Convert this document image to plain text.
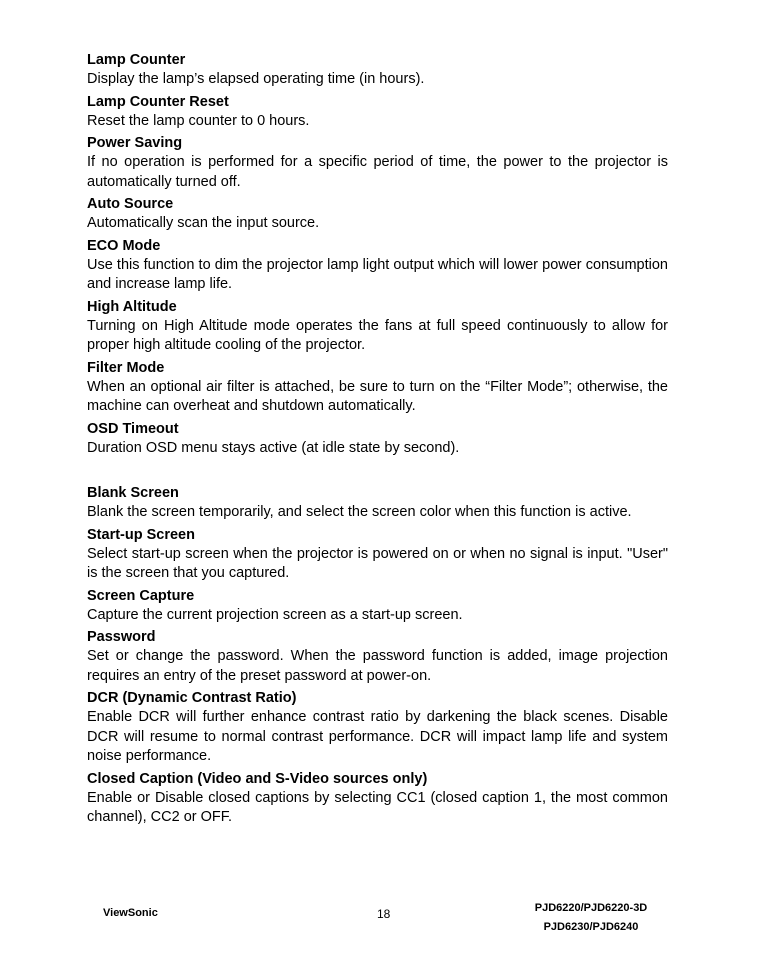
Lamp Counter
Display the lamp’s elapsed operating time (in hours).
Lamp Counter Reset
Reset the lamp counter to 0 hours.
Power Saving
If no operation is performed for a specific period of time, the power to the projector is automatically turned off.
Auto Source
Automatically scan the input source.
ECO Mode
Use this function to dim the projector lamp light output which will lower power consumption and increase lamp life.
High Altitude
Turning on High Altitude mode operates the fans at full speed continuously to allow for proper high altitude cooling of the projector.
Filter Mode
When an optional air filter is attached, be sure to turn on the “Filter Mode”; otherwise, the machine can overheat and shutdown automatically.
OSD Timeout
Duration OSD menu stays active (at idle state by second).
Blank Screen
Blank the screen temporarily, and select the screen color when this function is active.
Start-up Screen
Select start-up screen when the projector is powered on or when no signal is input. "User" is the screen that you captured.
Screen Capture
Capture the current projection screen as a start-up screen.
Password
Set or change the password. When the password function is added, image projection requires an entry of the preset password at power-on.
DCR (Dynamic Contrast Ratio)
Enable DCR will further enhance contrast ratio by darkening the black scenes. Disable DCR will resume to normal contrast performance. DCR will impact lamp life and system noise performance.
Closed Caption (Video and S-Video sources only)
Enable or Disable closed captions by selecting CC1 (closed caption 1, the most common channel), CC2 or OFF.
ViewSonic	18	PJD6220/PJD6220-3D
PJD6230/PJD6240
